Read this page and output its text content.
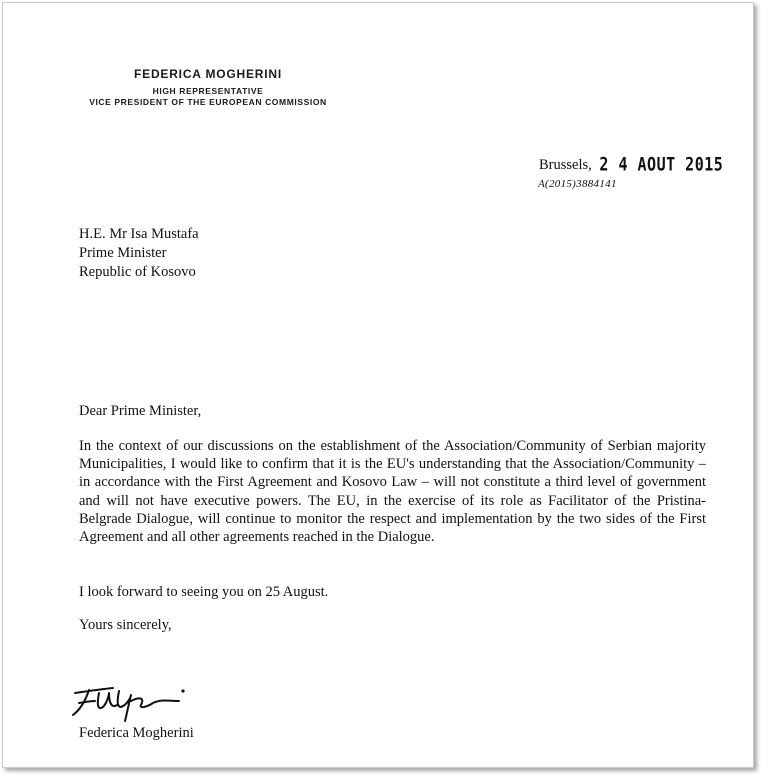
FEDERICA MOGHERINI
HIGH REPRESENTATIVE
VICE PRESIDENT OF THE EUROPEAN COMMISSION
Brussels, 2 4 AOUT 2015
A(2015)3884141
H.E. Mr Isa Mustafa
Prime Minister
Republic of Kosovo
Dear Prime Minister,
In the context of our discussions on the establishment of the Association/Community of Serbian majority Municipalities, I would like to confirm that it is the EU's understanding that the Association/Community – in accordance with the First Agreement and Kosovo Law – will not constitute a third level of government and will not have executive powers. The EU, in the exercise of its role as Facilitator of the Pristina-Belgrade Dialogue, will continue to monitor the respect and implementation by the two sides of the First Agreement and all other agreements reached in the Dialogue.
I look forward to seeing you on 25 August.
Yours sincerely,
Federica Mogherini
